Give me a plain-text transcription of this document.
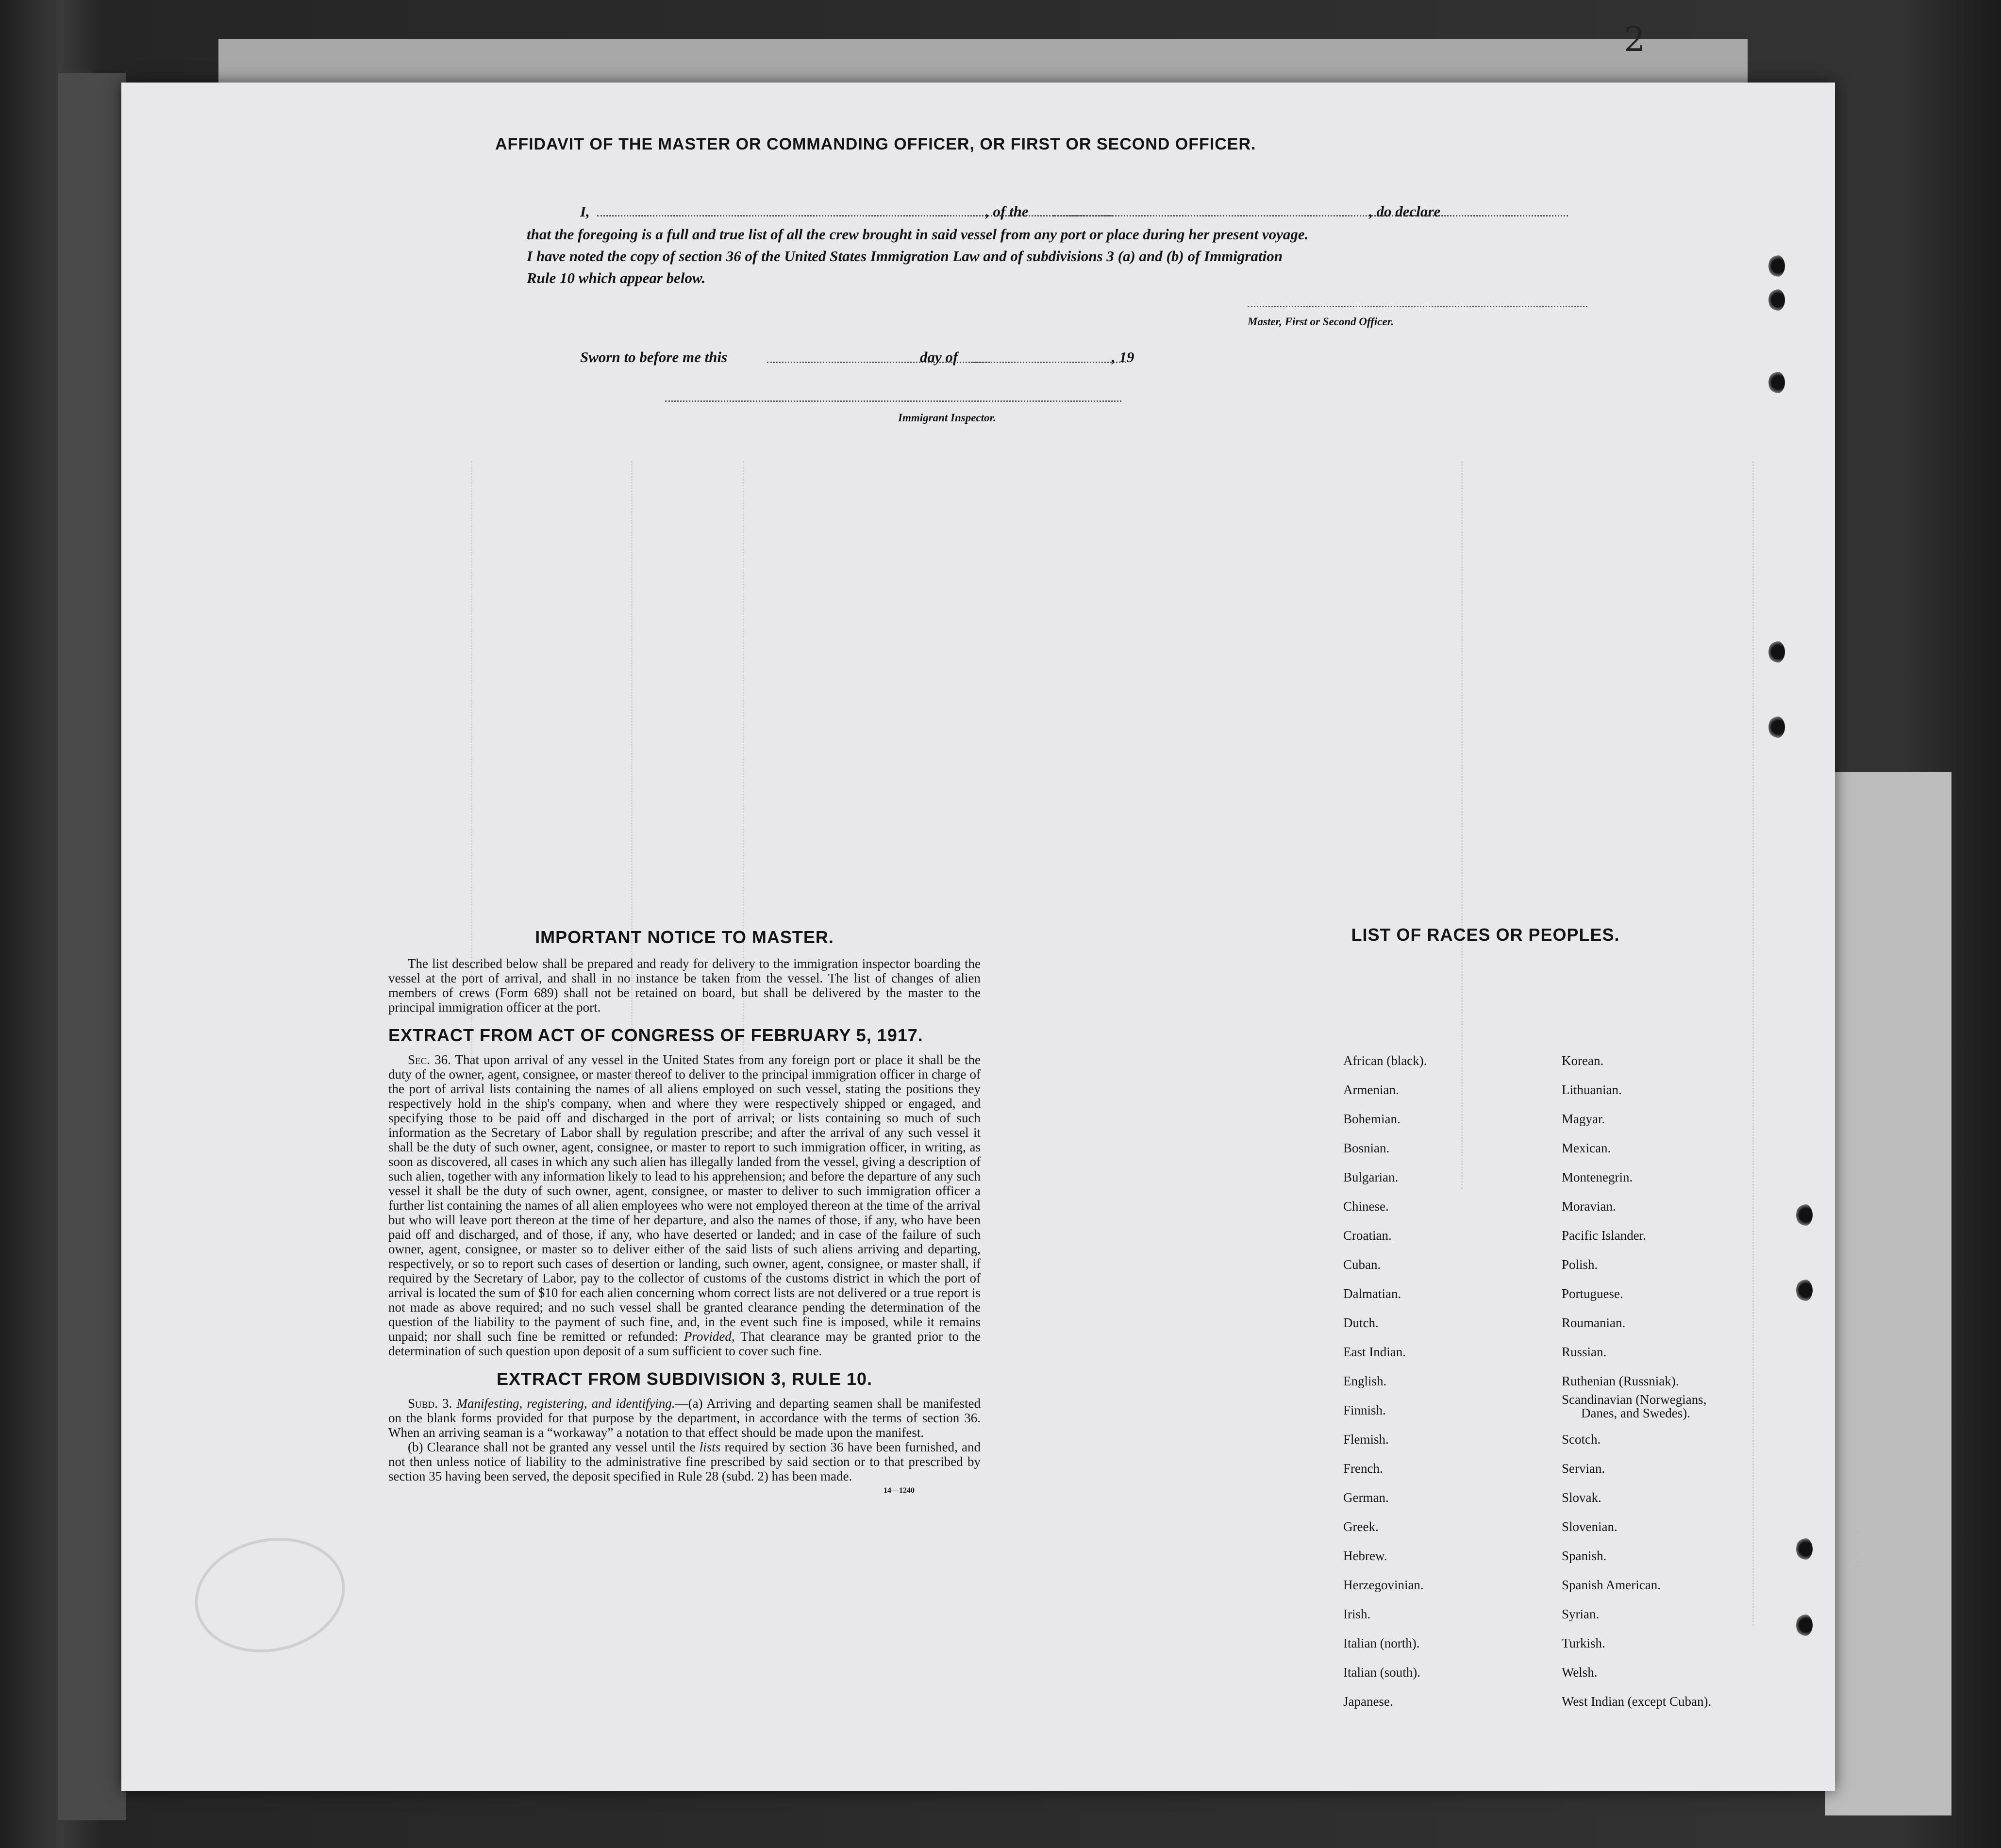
2
AFFIDAVIT OF THE MASTER OR COMMANDING OFFICER, OR FIRST OR SECOND OFFICER.
I,	, of the	, do declare
that the foregoing is a full and true list of all the crew brought in said vessel from any port or place during her present voyage.
I have noted the copy of section 36 of the United States Immigration Law and of subdivisions 3 (a) and (b) of Immigration
Rule 10 which appear below.
Master, First or Second Officer.
Sworn to before me this	day of	, 19
Immigrant Inspector.

IMPORTANT NOTICE TO MASTER.

The list described below shall be prepared and ready for delivery to the immigration inspector boarding the vessel at the port of arrival, and shall in no instance be taken from the vessel. The list of changes of alien members of crews (Form 689) shall not be retained on board, but shall be delivered by the master to the principal immigration officer at the port.

EXTRACT FROM ACT OF CONGRESS OF FEBRUARY 5, 1917.

Sec. 36. That upon arrival of any vessel in the United States from any foreign port or place it shall be the duty of the owner, agent, consignee, or master thereof to deliver to the principal immigration officer in charge of the port of arrival lists containing the names of all aliens employed on such vessel, stating the positions they respectively hold in the ship's company, when and where they were respectively shipped or engaged, and specifying those to be paid off and discharged in the port of arrival; or lists containing so much of such information as the Secretary of Labor shall by regulation prescribe; and after the arrival of any such vessel it shall be the duty of such owner, agent, consignee, or master to report to such immigration officer, in writing, as soon as discovered, all cases in which any such alien has illegally landed from the vessel, giving a description of such alien, together with any information likely to lead to his apprehension; and before the departure of any such vessel it shall be the duty of such owner, agent, consignee, or master to deliver to such immigration officer a further list containing the names of all alien employees who were not employed thereon at the time of the arrival but who will leave port thereon at the time of her departure, and also the names of those, if any, who have been paid off and discharged, and of those, if any, who have deserted or landed; and in case of the failure of such owner, agent, consignee, or master so to deliver either of the said lists of such aliens arriving and departing, respectively, or so to report such cases of desertion or landing, such owner, agent, consignee, or master shall, if required by the Secretary of Labor, pay to the collector of customs of the customs district in which the port of arrival is located the sum of $10 for each alien concerning whom correct lists are not delivered or a true report is not made as above required; and no such vessel shall be granted clearance pending the determination of the question of the liability to the payment of such fine, and, in the event such fine is imposed, while it remains unpaid; nor shall such fine be remitted or refunded: Provided, That clearance may be granted prior to the determination of such question upon deposit of a sum sufficient to cover such fine.

EXTRACT FROM SUBDIVISION 3, RULE 10.

Subd. 3. Manifesting, registering, and identifying.—(a) Arriving and departing seamen shall be manifested on the blank forms provided for that purpose by the department, in accordance with the terms of section 36. When an arriving seaman is a “workaway” a notation to that effect should be made upon the manifest.

(b) Clearance shall not be granted any vessel until the lists required by section 36 have been furnished, and not then unless notice of liability to the administrative fine prescribed by said section or to that prescribed by section 35 having been served, the deposit specified in Rule 28 (subd. 2) has been made.

14—1240
LIST OF RACES OR PEOPLES.
African (black).
Armenian.
Bohemian.
Bosnian.
Bulgarian.
Chinese.
Croatian.
Cuban.
Dalmatian.
Dutch.
East Indian.
English.
Finnish.
Flemish.
French.
German.
Greek.
Hebrew.
Herzegovinian.
Irish.
Italian (north).
Italian (south).
Japanese.
Korean.
Lithuanian.
Magyar.
Mexican.
Montenegrin.
Moravian.
Pacific Islander.
Polish.
Portuguese.
Roumanian.
Russian.
Ruthenian (Russniak).
Scandinavian (Norwegians,
Danes, and Swedes).
Scotch.
Servian.
Slovak.
Slovenian.
Spanish.
Spanish American.
Syrian.
Turkish.
Welsh.
West Indian (except Cuban).
RECD
